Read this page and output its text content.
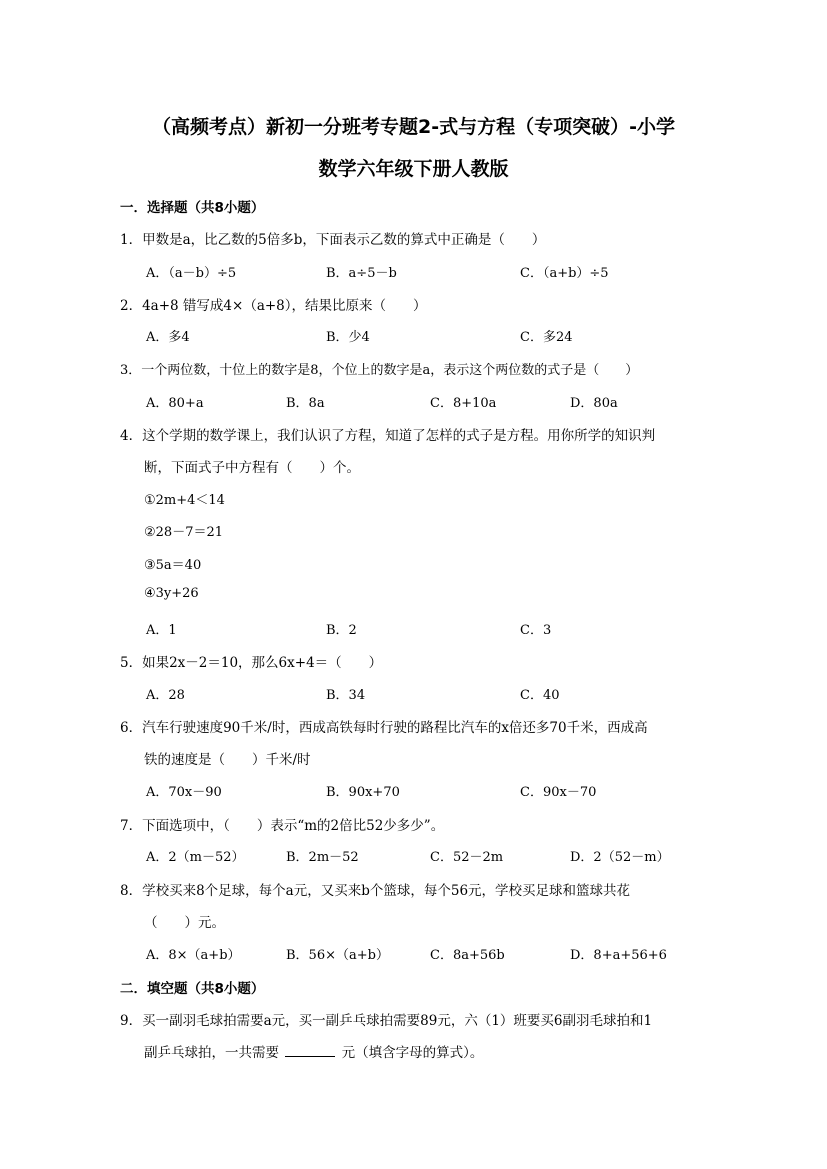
（高频考点）新初一分班考专题2-式与方程（专项突破）-小学
数学六年级下册人教版
一．选择题（共8小题）
1．甲数是a，比乙数的5倍多b，下面表示乙数的算式中正确是（　　）
A．（a－b）÷5	B．a÷5－b	C．（a+b）÷5
2．4a+8 错写成4×（a+8），结果比原来（　　）
A．多4	B．少4	C．多24
3．一个两位数，十位上的数字是8，个位上的数字是a，表示这个两位数的式子是（　　）
A．80+a	B．8a	C．8+10a	D．80a
4．这个学期的数学课上，我们认识了方程，知道了怎样的式子是方程。用你所学的知识判
断，下面式子中方程有（　　）个。
①2m+4＜14
②28－7＝21
③5a＝40
④3y+26
A．1	B．2	C．3
5．如果2x－2＝10，那么6x+4＝（　　）
A．28	B．34	C．40
6．汽车行驶速度90千米/时，西成高铁每时行驶的路程比汽车的x倍还多70千米，西成高
铁的速度是（　　）千米/时
A．70x－90	B．90x+70	C．90x－70
7．下面选项中，（　　）表示“m的2倍比52少多少”。
A．2（m－52）	B．2m－52	C．52－2m	D．2（52－m）
8．学校买来8个足球，每个a元，又买来b个篮球，每个56元，学校买足球和篮球共花
（　　）元。
A．8×（a+b）	B．56×（a+b）	C．8a+56b	D．8+a+56+6
二．填空题（共8小题）
9．买一副羽毛球拍需要a元，买一副乒乓球拍需要89元，六（1）班要买6副羽毛球拍和1
副乒乓球拍，一共需要	元（填含字母的算式）。
